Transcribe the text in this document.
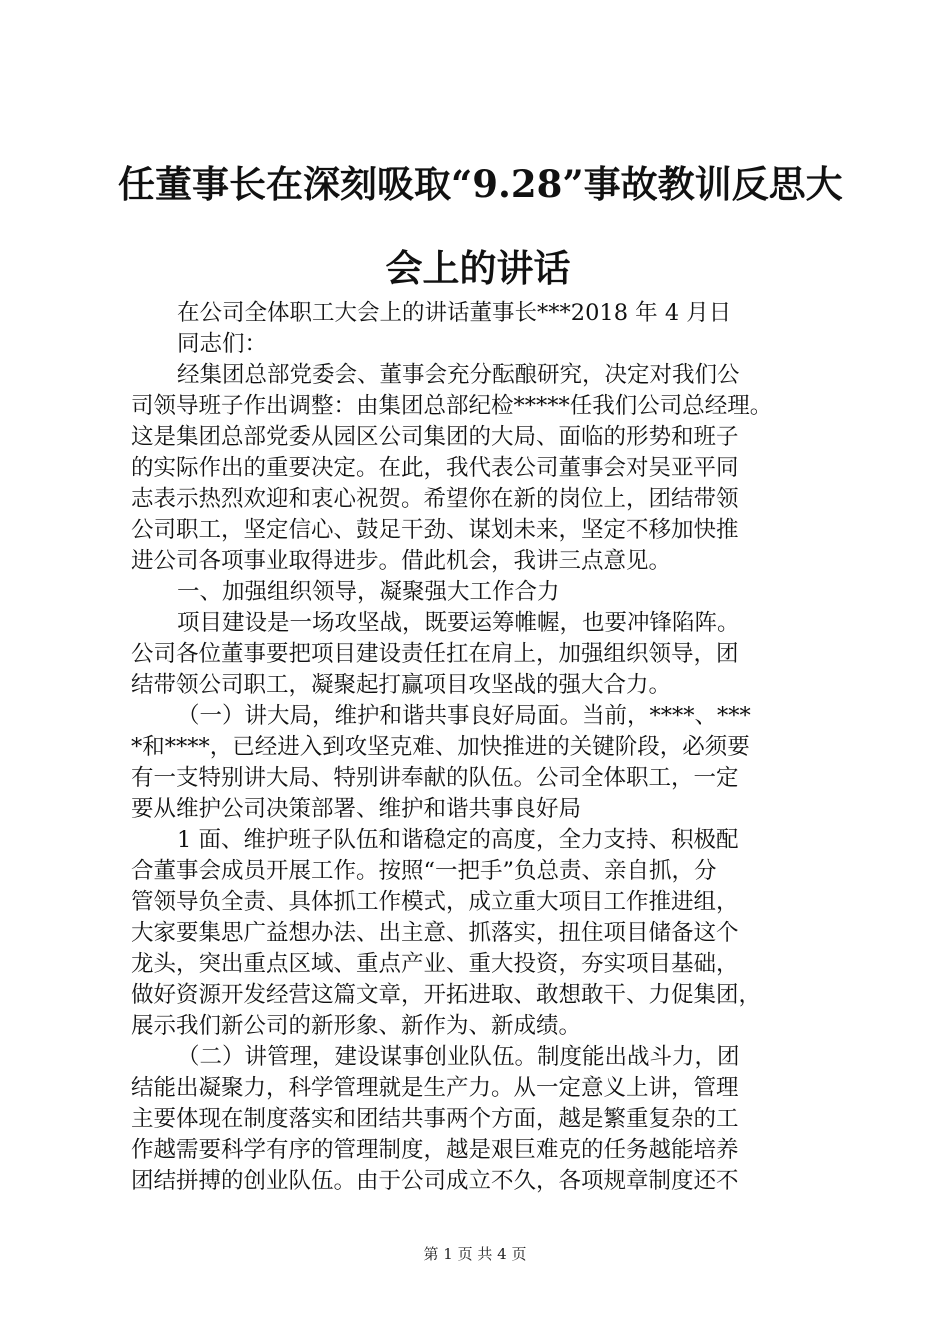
任董事长在深刻吸取“9.28”事故教训反思大
会上的讲话
在公司全体职工大会上的讲话董事长***2018 年 4 月日
同志们：
经集团总部党委会、董事会充分酝酿研究，决定对我们公
司领导班子作出调整：由集团总部纪检*****任我们公司总经理。
这是集团总部党委从园区公司集团的大局、面临的形势和班子
的实际作出的重要决定。在此，我代表公司董事会对吴亚平同
志表示热烈欢迎和衷心祝贺。希望你在新的岗位上，团结带领
公司职工，坚定信心、鼓足干劲、谋划未来，坚定不移加快推
进公司各项事业取得进步。借此机会，我讲三点意见。
一、加强组织领导，凝聚强大工作合力
项目建设是一场攻坚战，既要运筹帷幄，也要冲锋陷阵。
公司各位董事要把项目建设责任扛在肩上，加强组织领导，团
结带领公司职工，凝聚起打赢项目攻坚战的强大合力。
（一）讲大局，维护和谐共事良好局面。当前，****、***
*和****，已经进入到攻坚克难、加快推进的关键阶段，必须要
有一支特别讲大局、特别讲奉献的队伍。公司全体职工，一定
要从维护公司决策部署、维护和谐共事良好局
1 面、维护班子队伍和谐稳定的高度，全力支持、积极配
合董事会成员开展工作。按照“一把手”负总责、亲自抓，分
管领导负全责、具体抓工作模式，成立重大项目工作推进组，
大家要集思广益想办法、出主意、抓落实，扭住项目储备这个
龙头，突出重点区域、重点产业、重大投资，夯实项目基础，
做好资源开发经营这篇文章，开拓进取、敢想敢干、力促集团，
展示我们新公司的新形象、新作为、新成绩。
（二）讲管理，建设谋事创业队伍。制度能出战斗力，团
结能出凝聚力，科学管理就是生产力。从一定意义上讲，管理
主要体现在制度落实和团结共事两个方面，越是繁重复杂的工
作越需要科学有序的管理制度，越是艰巨难克的任务越能培养
团结拼搏的创业队伍。由于公司成立不久，各项规章制度还不
第 1 页 共 4 页
